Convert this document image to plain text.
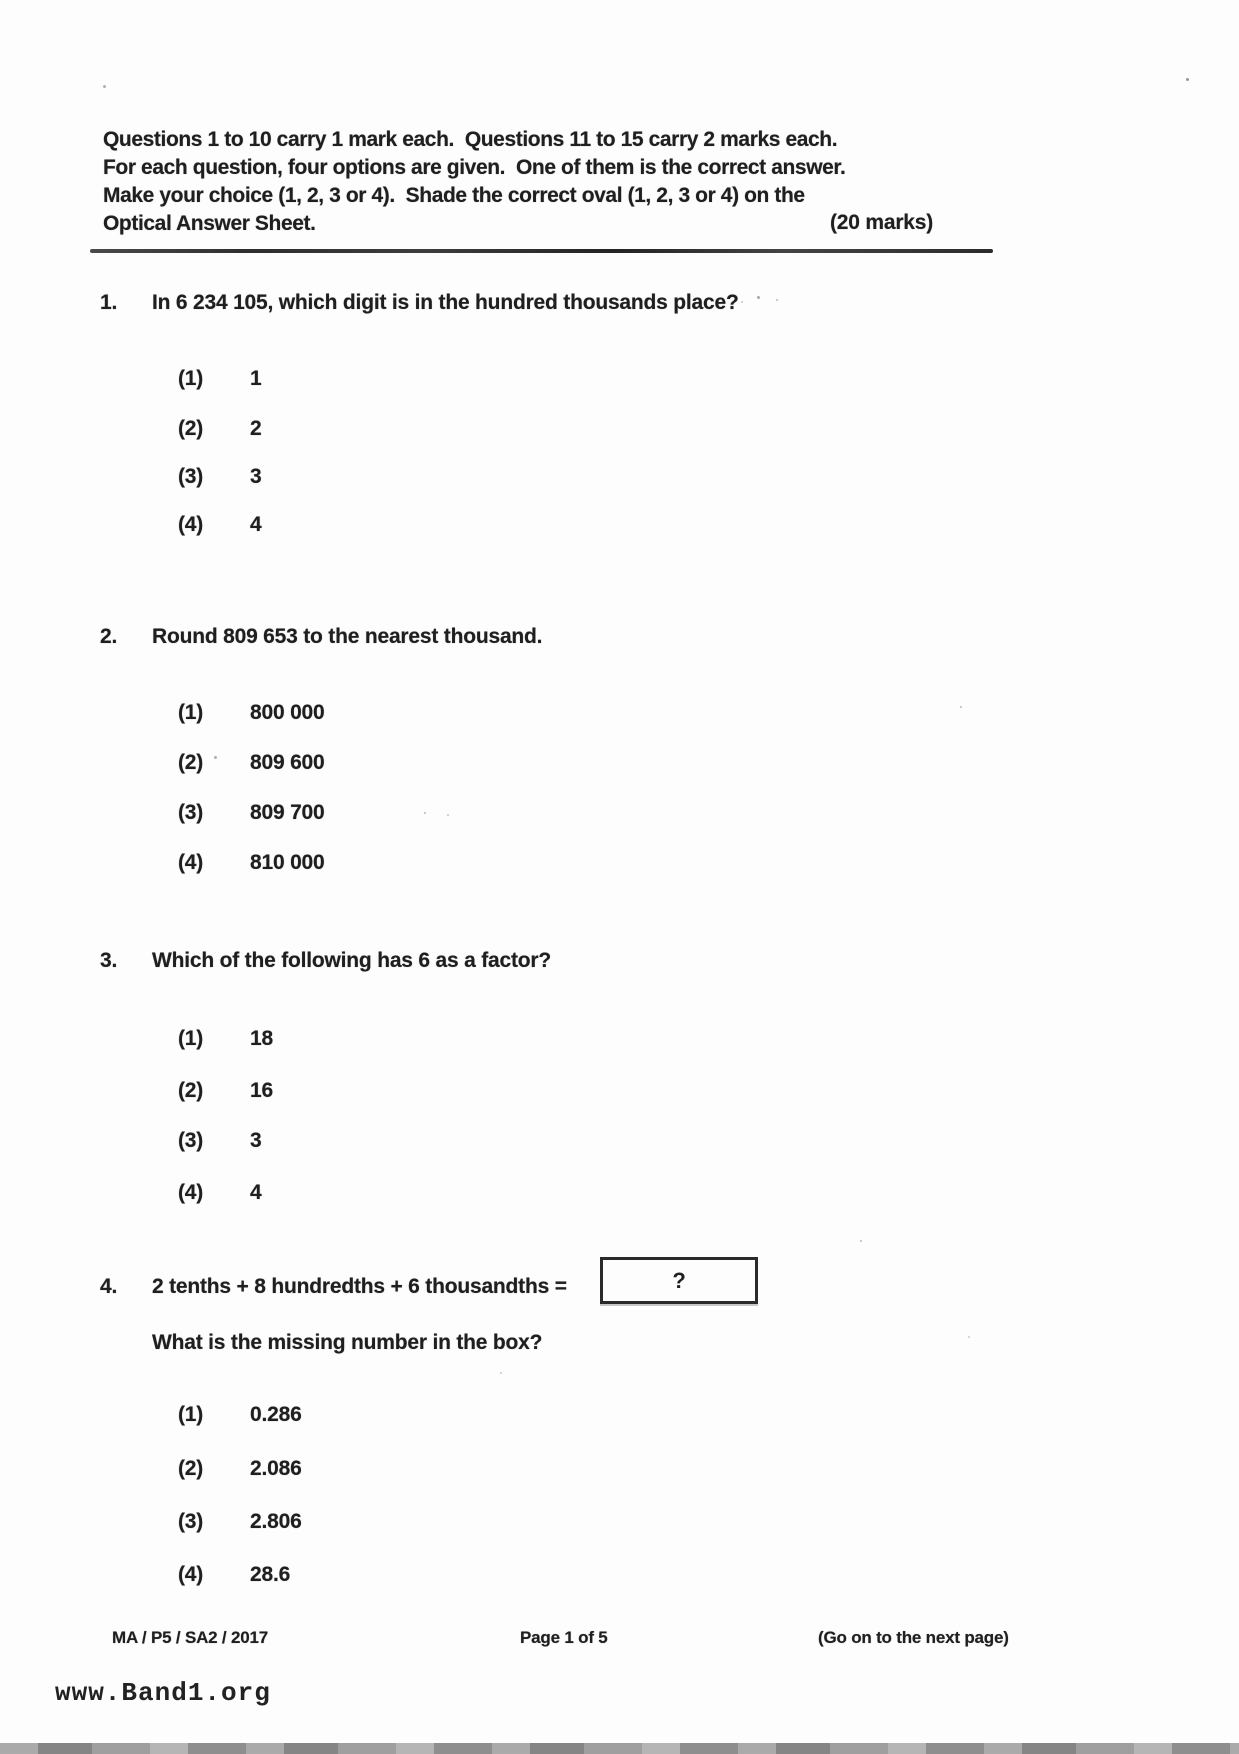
Questions 1 to 10 carry 1 mark each.  Questions 11 to 15 carry 2 marks each.
For each question, four options are given.  One of them is the correct answer.
Make your choice (1, 2, 3 or 4).  Shade the correct oval (1, 2, 3 or 4) on the
Optical Answer Sheet.	(20 marks)
1. In 6 234 105, which digit is in the hundred thousands place?
(1) 1
(2) 2
(3) 3
(4) 4
2. Round 809 653 to the nearest thousand.
(1) 800 000
(2) 809 600
(3) 809 700
(4) 810 000
3. Which of the following has 6 as a factor?
(1) 18
(2) 16
(3) 3
(4) 4
4. 2 tenths + 8 hundredths + 6 thousandths =	?
What is the missing number in the box?
(1) 0.286
(2) 2.086
(3) 2.806
(4) 28.6
MA / P5 / SA2 / 2017	Page 1 of 5	(Go on to the next page)
www.Band1.org
